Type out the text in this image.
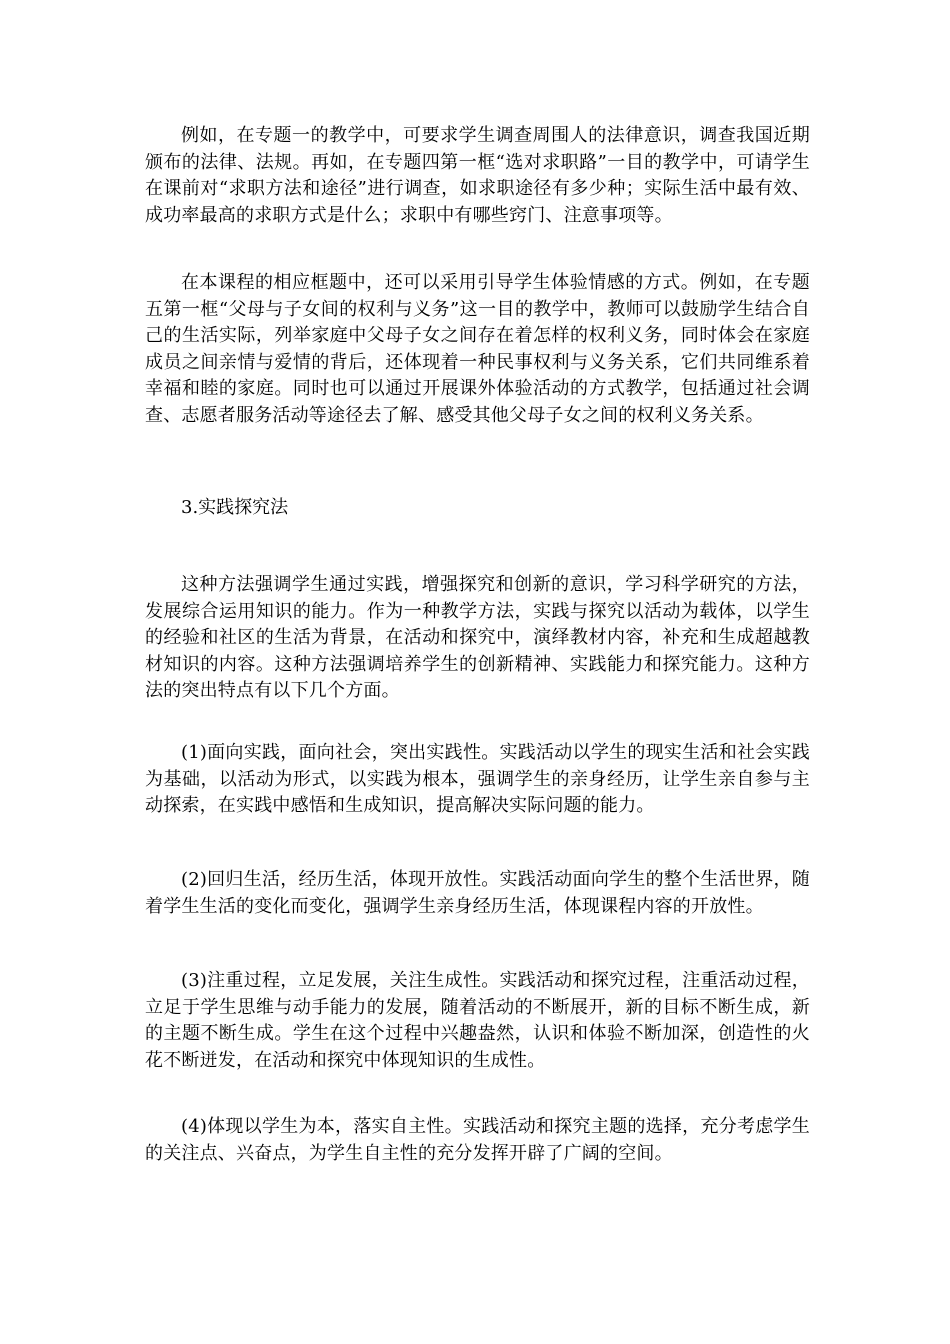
例如，在专题一的教学中，可要求学生调查周围人的法律意识，调查我国近期颁布的法律、法规。再如，在专题四第一框“选对求职路”一目的教学中，可请学生在课前对“求职方法和途径”进行调查，如求职途径有多少种；实际生活中最有效、成功率最高的求职方式是什么；求职中有哪些窍门、注意事项等。

在本课程的相应框题中，还可以采用引导学生体验情感的方式。例如，在专题五第一框“父母与子女间的权利与义务”这一目的教学中，教师可以鼓励学生结合自己的生活实际，列举家庭中父母子女之间存在着怎样的权利义务，同时体会在家庭成员之间亲情与爱情的背后，还体现着一种民事权利与义务关系，它们共同维系着幸福和睦的家庭。同时也可以通过开展课外体验活动的方式教学，包括通过社会调查、志愿者服务活动等途径去了解、感受其他父母子女之间的权利义务关系。

3.实践探究法

这种方法强调学生通过实践，增强探究和创新的意识，学习科学研究的方法，发展综合运用知识的能力。作为一种教学方法，实践与探究以活动为载体，以学生的经验和社区的生活为背景，在活动和探究中，演绎教材内容，补充和生成超越教材知识的内容。这种方法强调培养学生的创新精神、实践能力和探究能力。这种方法的突出特点有以下几个方面。

(1)面向实践，面向社会，突出实践性。实践活动以学生的现实生活和社会实践为基础，以活动为形式，以实践为根本，强调学生的亲身经历，让学生亲自参与主动探索，在实践中感悟和生成知识，提高解决实际问题的能力。

(2)回归生活，经历生活，体现开放性。实践活动面向学生的整个生活世界，随着学生生活的变化而变化，强调学生亲身经历生活，体现课程内容的开放性。

(3)注重过程，立足发展，关注生成性。实践活动和探究过程，注重活动过程，立足于学生思维与动手能力的发展，随着活动的不断展开，新的目标不断生成，新的主题不断生成。学生在这个过程中兴趣盎然，认识和体验不断加深，创造性的火花不断迸发，在活动和探究中体现知识的生成性。

(4)体现以学生为本，落实自主性。实践活动和探究主题的选择，充分考虑学生的关注点、兴奋点，为学生自主性的充分发挥开辟了广阔的空间。
